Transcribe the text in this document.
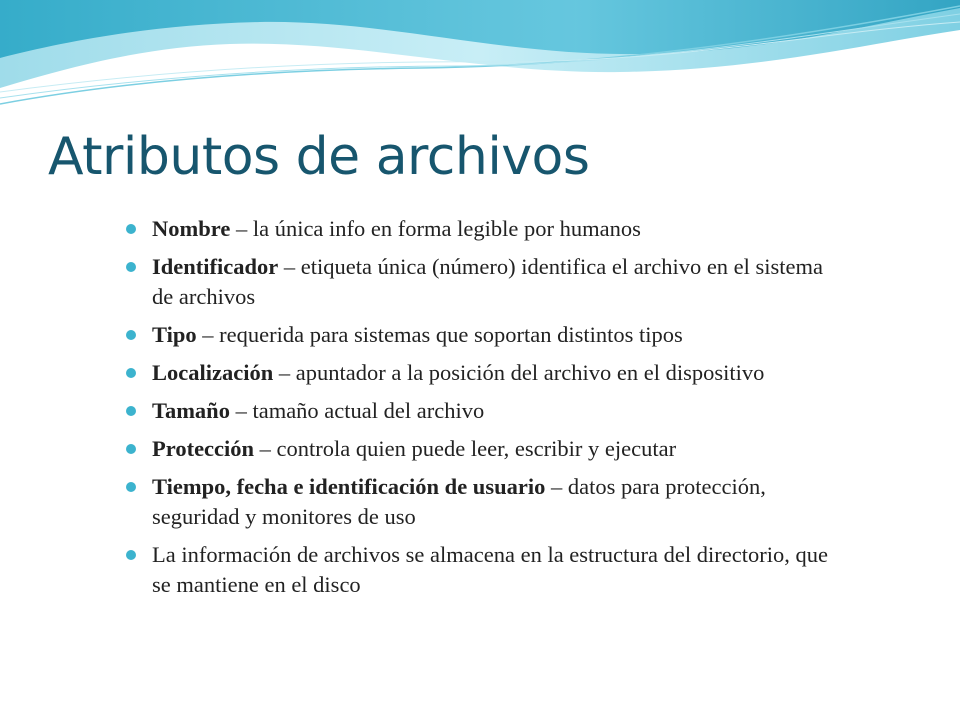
Atributos de archivos
Nombre – la única info en forma legible por humanos
Identificador – etiqueta única (número) identifica el archivo en el sistema de archivos
Tipo – requerida para sistemas que soportan distintos tipos
Localización – apuntador a la posición del archivo en el dispositivo
Tamaño – tamaño actual del archivo
Protección – controla quien puede leer, escribir y ejecutar
Tiempo, fecha e identificación de usuario – datos para protección, seguridad y monitores de uso
La información de archivos se almacena en la estructura del directorio, que se mantiene en el disco
